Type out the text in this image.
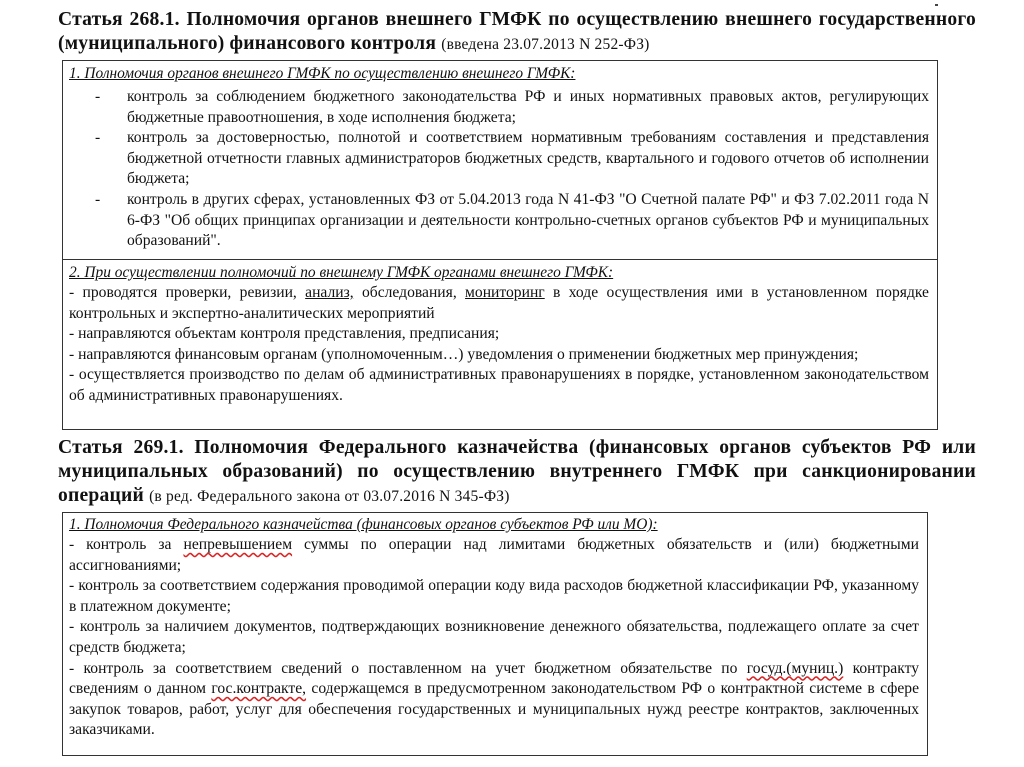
Статья 268.1. Полномочия органов внешнего ГМФК по осуществлению внешнего государственного (муниципального) финансового контроля (введена 23.07.2013 N 252-ФЗ)
1. Полномочия органов внешнего ГМФК по осуществлению внешнего ГМФК:
-	контроль за соблюдением бюджетного законодательства РФ и иных нормативных правовых актов, регулирующих бюджетные правоотношения, в ходе исполнения бюджета;
-	контроль за достоверностью, полнотой и соответствием нормативным требованиям составления и представления бюджетной отчетности главных администраторов бюджетных средств, квартального и годового отчетов об исполнении бюджета;
-	контроль в других сферах, установленных ФЗ от 5.04.2013 года N 41-ФЗ "О Счетной палате РФ" и ФЗ 7.02.2011 года N 6-ФЗ "Об общих принципах организации и деятельности контрольно-счетных органов субъектов РФ и муниципальных образований".
2. При осуществлении полномочий по внешнему ГМФК органами внешнего ГМФК:
- проводятся проверки, ревизии, анализ, обследования, мониторинг в ходе осуществления ими в установленном порядке контрольных и экспертно-аналитических мероприятий
- направляются объектам контроля представления, предписания;
- направляются финансовым органам (уполномоченным…) уведомления о применении бюджетных мер принуждения;
- осуществляется производство по делам об административных правонарушениях в порядке, установленном законодательством об административных правонарушениях.
Статья 269.1. Полномочия Федерального казначейства (финансовых органов субъектов РФ или муниципальных образований) по осуществлению внутреннего ГМФК при санкционировании операций (в ред. Федерального закона от 03.07.2016 N 345-ФЗ)
1. Полномочия Федерального казначейства (финансовых органов субъектов РФ или МО):
- контроль за непревышением суммы по операции над лимитами бюджетных обязательств и (или) бюджетными ассигнованиями;
- контроль за соответствием содержания проводимой операции коду вида расходов бюджетной классификации РФ, указанному в платежном документе;
- контроль за наличием документов, подтверждающих возникновение денежного обязательства, подлежащего оплате за счет средств бюджета;
- контроль за соответствием сведений о поставленном на учет бюджетном обязательстве по госуд.(муниц.) контракту сведениям о данном гос.контракте, содержащемся в предусмотренном законодательством РФ о контрактной системе в сфере закупок товаров, работ, услуг для обеспечения государственных и муниципальных нужд реестре контрактов, заключенных заказчиками.
